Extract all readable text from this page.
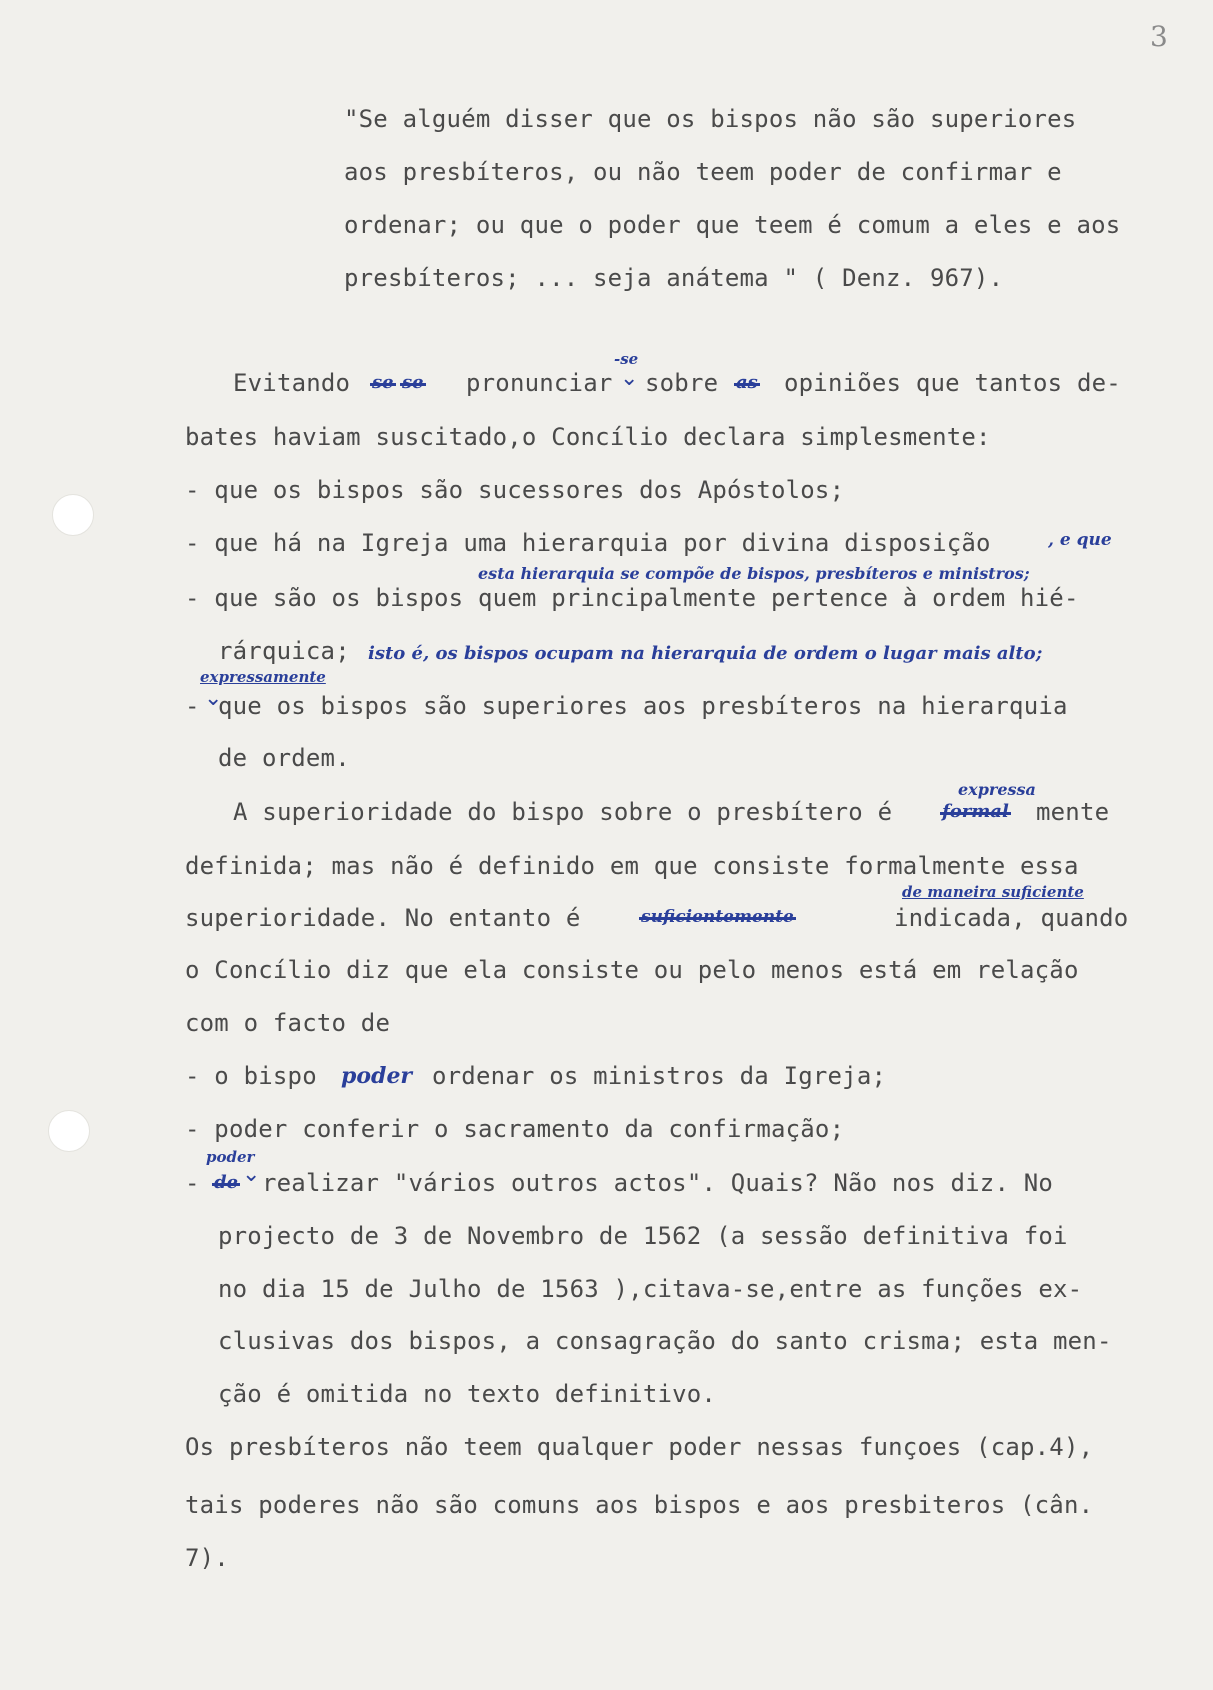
3
"Se alguém disser que os bispos não são superiores
aos presbíteros, ou não teem poder de confirmar e
ordenar; ou que o poder que teem é comum a eles e aos
presbíteros; ... seja anátema " ( Denz. 967).
Evitando se se pronunciar
-se
⌄ sobre as opiniões que tantos de-
bates haviam suscitado,o Concílio declara simplesmente:
- que os bispos são sucessores dos Apóstolos;
- que há na Igreja uma hierarquia por divina disposição	, e que
esta hierarquia se compõe de bispos, presbíteros e ministros;
- que são os bispos quem principalmente pertence à ordem hié-
rárquica; isto é, os bispos ocupam na hierarquia de ordem o lugar mais alto;
expressamente
- ⌄
que os bispos são superiores aos presbíteros na hierarquia
de ordem.
A superioridade do bispo sobre o presbítero é
expressa
formal mente
definida; mas não é definido em que consiste formalmente essa
de maneira suficiente
superioridade. No entanto é	suficientemente	indicada, quando
o Concílio diz que ela consiste ou pelo menos está em relação
com o facto de
- o bispo poder ordenar os ministros da Igreja;
- poder conferir o sacramento da confirmação;
poder
- de ⌄ realizar "vários outros actos". Quais? Não nos diz. No
projecto de 3 de Novembro de 1562 (a sessão definitiva foi
no dia 15 de Julho de 1563 ),citava-se,entre as funções ex-
clusivas dos bispos, a consagração do santo crisma; esta men-
ção é omitida no texto definitivo.
Os presbíteros não teem qualquer poder nessas funçoes (cap.4),
tais poderes não são comuns aos bispos e aos presbiteros (cân.
7).
